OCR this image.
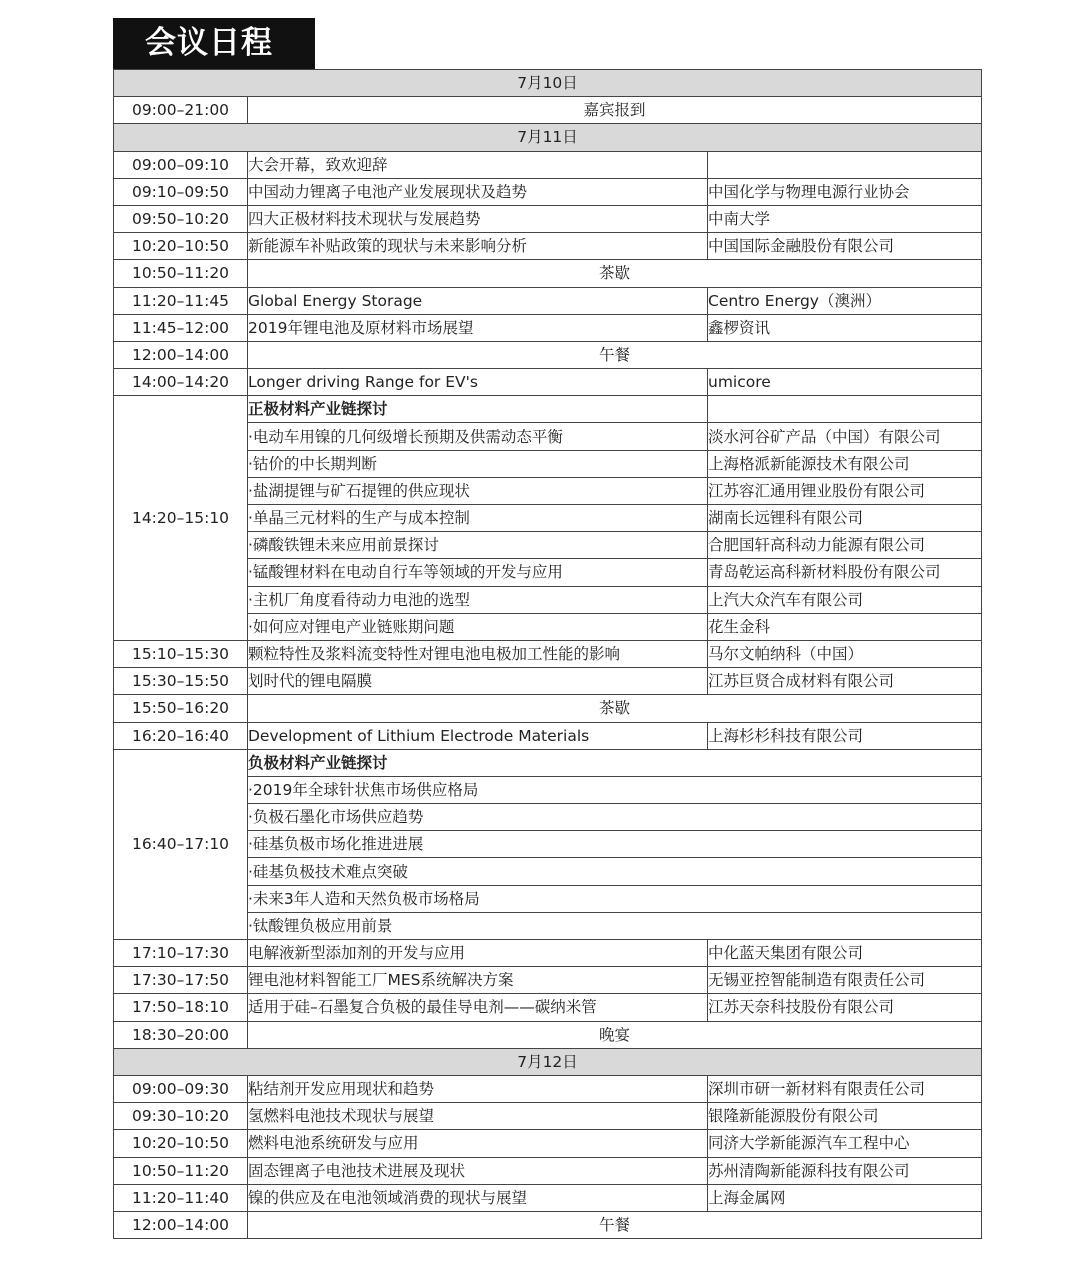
会议日程
7月10日		
09:00–21:00	嘉宾报到	
7月11日		
09:00–09:10	大会开幕，致欢迎辞	
09:10–09:50	中国动力锂离子电池产业发展现状及趋势	中国化学与物理电源行业协会
09:50–10:20	四大正极材料技术现状与发展趋势	中南大学
10:20–10:50	新能源车补贴政策的现状与未来影响分析	中国国际金融股份有限公司
10:50–11:20	茶歇	
11:20–11:45	Global Energy Storage	Centro Energy（澳洲）
11:45–12:00	2019年锂电池及原材料市场展望	鑫椤资讯
12:00–14:00	午餐	
14:00–14:20	Longer driving Range for EV's	umicore
14:20–15:10	正极材料产业链探讨	
	·电动车用镍的几何级增长预期及供需动态平衡	淡水河谷矿产品（中国）有限公司
	·钴价的中长期判断	上海格派新能源技术有限公司
	·盐湖提锂与矿石提锂的供应现状	江苏容汇通用锂业股份有限公司
	·单晶三元材料的生产与成本控制	湖南长远锂科有限公司
	·磷酸铁锂未来应用前景探讨	合肥国轩高科动力能源有限公司
	·锰酸锂材料在电动自行车等领域的开发与应用	青岛乾运高科新材料股份有限公司
	·主机厂角度看待动力电池的选型	上汽大众汽车有限公司
	·如何应对锂电产业链账期问题	花生金科
15:10–15:30	颗粒特性及浆料流变特性对锂电池电极加工性能的影响	马尔文帕纳科（中国）
15:30–15:50	划时代的锂电隔膜	江苏巨贤合成材料有限公司
15:50–16:20	茶歇	
16:20–16:40	Development of Lithium Electrode Materials	上海杉杉科技有限公司
16:40–17:10	负极材料产业链探讨	
	·2019年全球针状焦市场供应格局	
	·负极石墨化市场供应趋势	
	·硅基负极市场化推进进展	
	·硅基负极技术难点突破	
	·未来3年人造和天然负极市场格局	
	·钛酸锂负极应用前景	
17:10–17:30	电解液新型添加剂的开发与应用	中化蓝天集团有限公司
17:30–17:50	锂电池材料智能工厂MES系统解决方案	无锡亚控智能制造有限责任公司
17:50–18:10	适用于硅–石墨复合负极的最佳导电剂——碳纳米管	江苏天奈科技股份有限公司
18:30–20:00	晚宴	
7月12日		
09:00–09:30	粘结剂开发应用现状和趋势	深圳市研一新材料有限责任公司
09:30–10:20	氢燃料电池技术现状与展望	银隆新能源股份有限公司
10:20–10:50	燃料电池系统研发与应用	同济大学新能源汽车工程中心
10:50–11:20	固态锂离子电池技术进展及现状	苏州清陶新能源科技有限公司
11:20–11:40	镍的供应及在电池领域消费的现状与展望	上海金属网
12:00–14:00	午餐	
